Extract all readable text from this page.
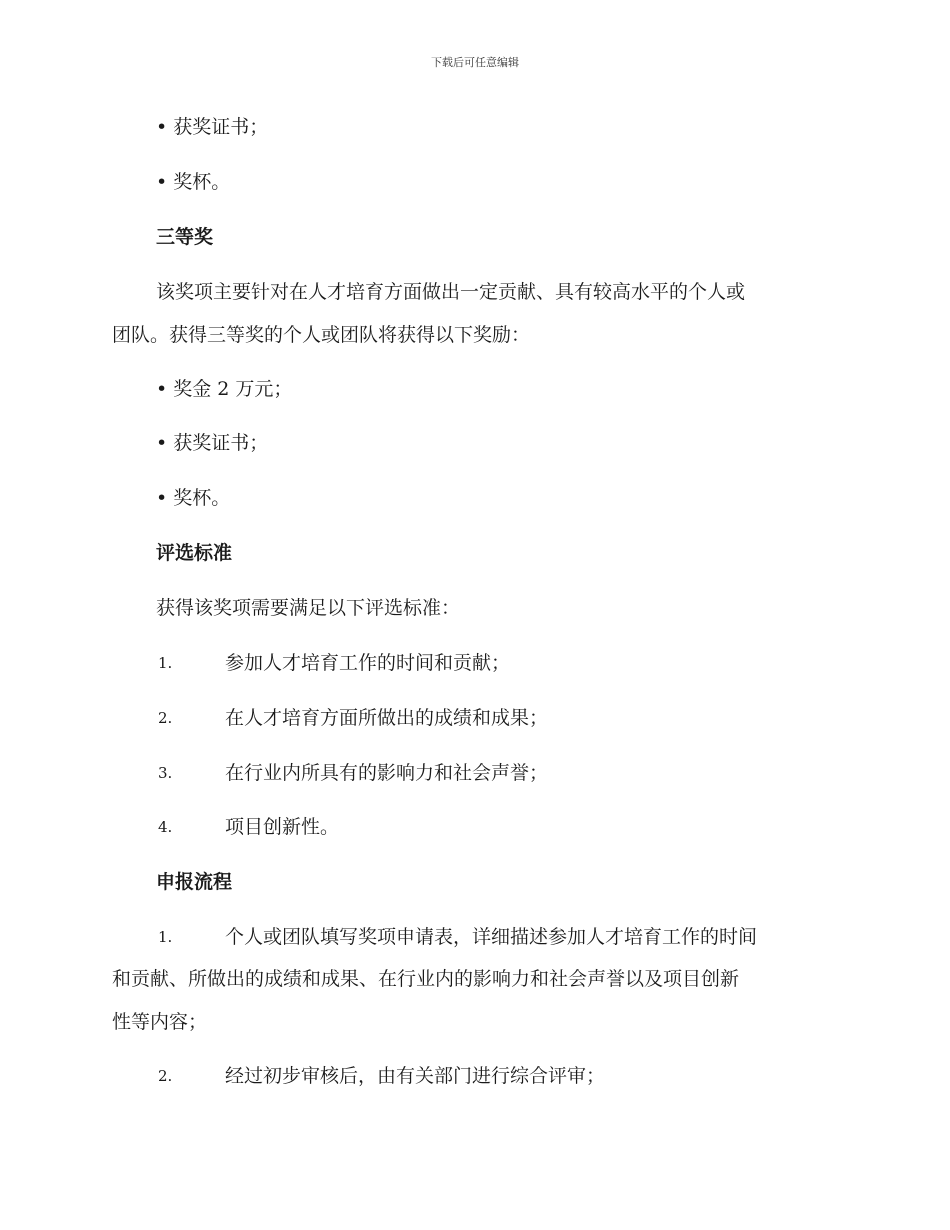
下载后可任意编辑
• 获奖证书；
• 奖杯。
三等奖
该奖项主要针对在人才培育方面做出一定贡献、具有较高水平的个人或
团队。获得三等奖的个人或团队将获得以下奖励：
• 奖金 2 万元；
• 获奖证书；
• 奖杯。
评选标准
获得该奖项需要满足以下评选标准：
1.	参加人才培育工作的时间和贡献；
2.	在人才培育方面所做出的成绩和成果；
3.	在行业内所具有的影响力和社会声誉；
4.	项目创新性。
申报流程
1.	个人或团队填写奖项申请表，详细描述参加人才培育工作的时间
和贡献、所做出的成绩和成果、在行业内的影响力和社会声誉以及项目创新
性等内容；
2.	经过初步审核后，由有关部门进行综合评审；
